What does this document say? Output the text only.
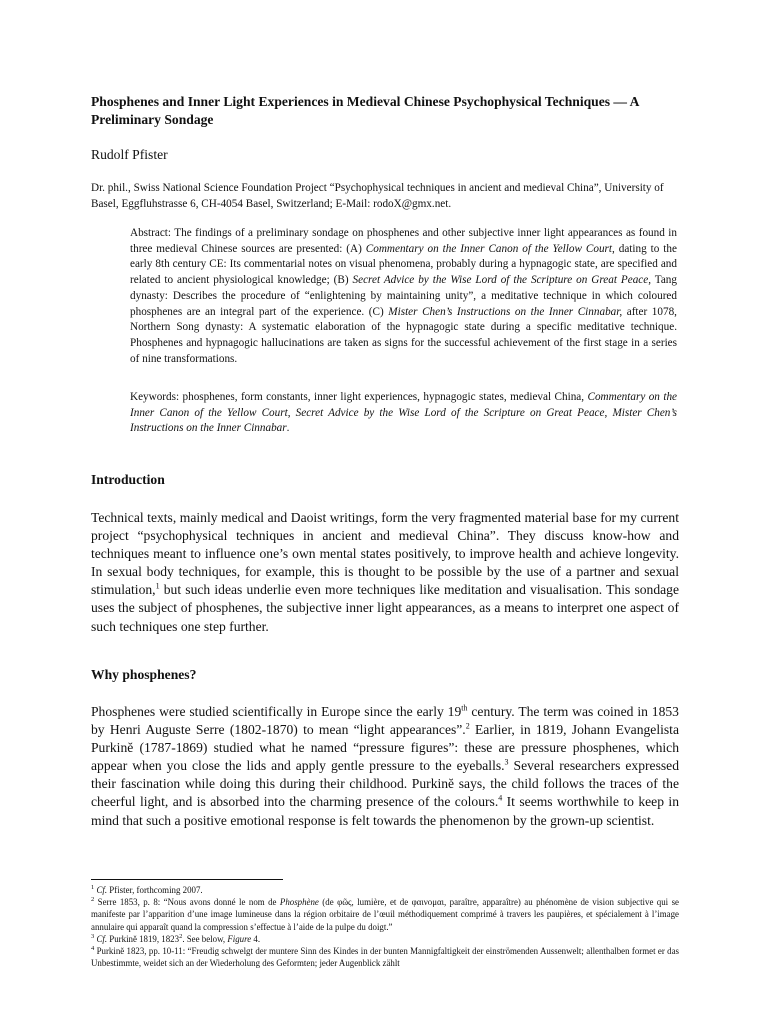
Phosphenes and Inner Light Experiences in Medieval Chinese Psychophysical Techniques — A Preliminary Sondage

Rudolf Pfister

Dr. phil., Swiss National Science Foundation Project “Psychophysical techniques in ancient and medieval China”, University of Basel, Eggfluhstrasse 6, CH-4054 Basel, Switzerland; E-Mail: rodoX@gmx.net.

Abstract: The findings of a preliminary sondage on phosphenes and other subjective inner light appearances as found in three medieval Chinese sources are presented: (A) Commentary on the Inner Canon of the Yellow Court, dating to the early 8th century CE: Its commentarial notes on visual phenomena, probably during a hypnagogic state, are specified and related to ancient physiological knowledge; (B) Secret Advice by the Wise Lord of the Scripture on Great Peace, Tang dynasty: Describes the procedure of “enlightening by maintaining unity”, a meditative technique in which coloured phosphenes are an integral part of the experience. (C) Mister Chen’s Instructions on the Inner Cinnabar, after 1078, Northern Song dynasty: A systematic elaboration of the hypnagogic state during a specific meditative technique. Phosphenes and hypnagogic hallucinations are taken as signs for the successful achievement of the first stage in a series of nine transformations.

Keywords: phosphenes, form constants, inner light experiences, hypnagogic states, medieval China, Commentary on the Inner Canon of the Yellow Court, Secret Advice by the Wise Lord of the Scripture on Great Peace, Mister Chen’s Instructions on the Inner Cinnabar.

Introduction

Technical texts, mainly medical and Daoist writings, form the very fragmented material base for my current project “psychophysical techniques in ancient and medieval China”. They discuss know-how and techniques meant to influence one’s own mental states positively, to improve health and achieve longevity. In sexual body techniques, for example, this is thought to be possible by the use of a partner and sexual stimulation,$^1$ but such ideas underlie even more techniques like meditation and visualisation. This sondage uses the subject of phosphenes, the subjective inner light appearances, as a means to interpret one aspect of such techniques one step further.

Why phosphenes?

Phosphenes were studied scientifically in Europe since the early 19th century. The term was coined in 1853 by Henri Auguste Serre (1802-1870) to mean “light appearances”.$^2$ Earlier, in 1819, Johann Evangelista Purkinĕ (1787-1869) studied what he named “pressure figures”: these are pressure phosphenes, which appear when you close the lids and apply gentle pressure to the eyeballs.$^3$ Several researchers expressed their fascination while doing this during their childhood. Purkinĕ says, the child follows the traces of the cheerful light, and is absorbed into the charming presence of the colours.$^4$ It seems worthwhile to keep in mind that such a positive emotional response is felt towards the phenomenon by the grown-up scientist.

$^1$ Cf. Pfister, forthcoming 2007.

$^2$ Serre 1853, p. 8: “Nous avons donné le nom de Phosphène (de φῶς, lumière, et de φαινομαι, paraître, apparaître) au phénomène de vision subjective qui se manifeste par l’apparition d’une image lumineuse dans la région orbitaire de l’œuil méthodiquement comprimé à travers les paupières, et spécialement à l’image annulaire qui apparaît quand la compression s’effectue à l’aide de la pulpe du doigt.”

$^3$ Cf. Purkinĕ 1819, 1823$^2$. See below, Figure 4.

$^4$ Purkinĕ 1823, pp. 10-11: “Freudig schwelgt der muntere Sinn des Kindes in der bunten Mannigfaltigkeit der einströmenden Aussenwelt; allenthalben formet er das Unbestimmte, weidet sich an der Wiederholung des Geformten; jeder Augenblick zählt
